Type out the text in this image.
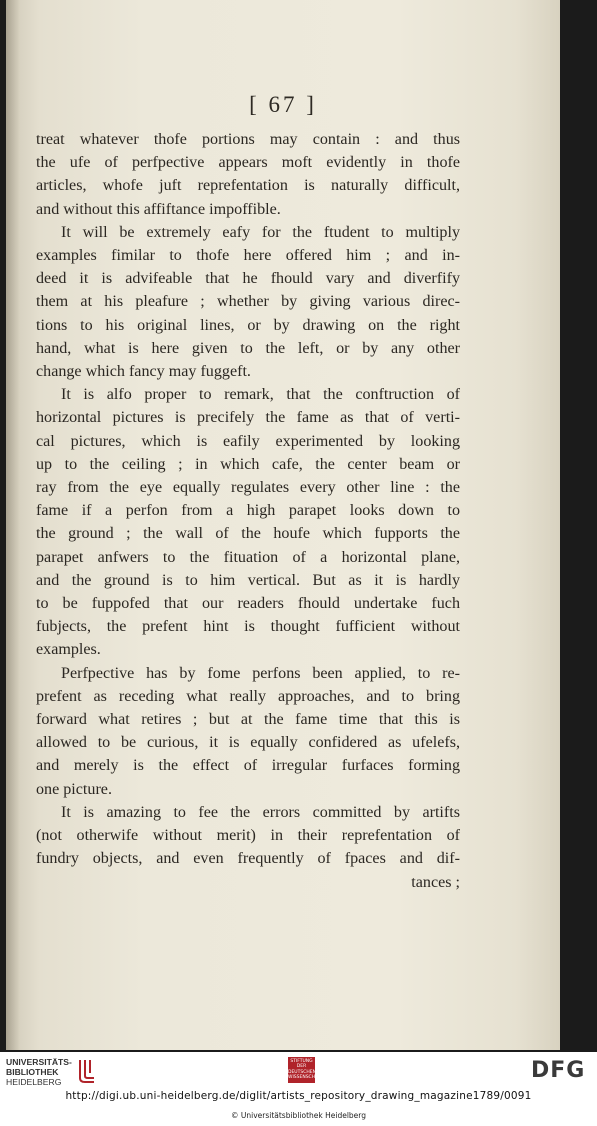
[ 67 ]
treat whatever thofe portions may contain : and thus
the ufe of perfpective appears moft evidently in thofe
articles, whofe juft reprefentation is naturally difficult,
and without this affiftance impoffible.
It will be extremely eafy for the ftudent to multiply
examples fimilar to thofe here offered him ; and in-
deed it is advifeable that he fhould vary and diverfify
them at his pleafure ; whether by giving various direc-
tions to his original lines, or by drawing on the right
hand, what is here given to the left, or by any other
change which fancy may fuggeft.
It is alfo proper to remark, that the conftruction of
horizontal pictures is precifely the fame as that of verti-
cal pictures, which is eafily experimented by looking
up to the ceiling ; in which cafe, the center beam or
ray from the eye equally regulates every other line : the
fame if a perfon from a high parapet looks down to
the ground ; the wall of the houfe which fupports the
parapet anfwers to the fituation of a horizontal plane,
and the ground is to him vertical. But as it is hardly
to be fuppofed that our readers fhould undertake fuch
fubjects, the prefent hint is thought fufficient without
examples.
Perfpective has by fome perfons been applied, to re-
prefent as receding what really approaches, and to bring
forward what retires ; but at the fame time that this is
allowed to be curious, it is equally confidered as ufelefs,
and merely is the effect of irregular furfaces forming
one picture.
It is amazing to fee the errors committed by artifts
(not otherwife without merit) in their reprefentation of
fundry objects, and even frequently of fpaces and dif-
tances ;
UNIVERSITÄTS-
BIBLIOTHEK
HEIDELBERG
STIFTUNG DER DEUTSCHEN WISSENSCHAFT	DFG
http://digi.ub.uni-heidelberg.de/diglit/artists_repository_drawing_magazine1789/0091
© Universitätsbibliothek Heidelberg
